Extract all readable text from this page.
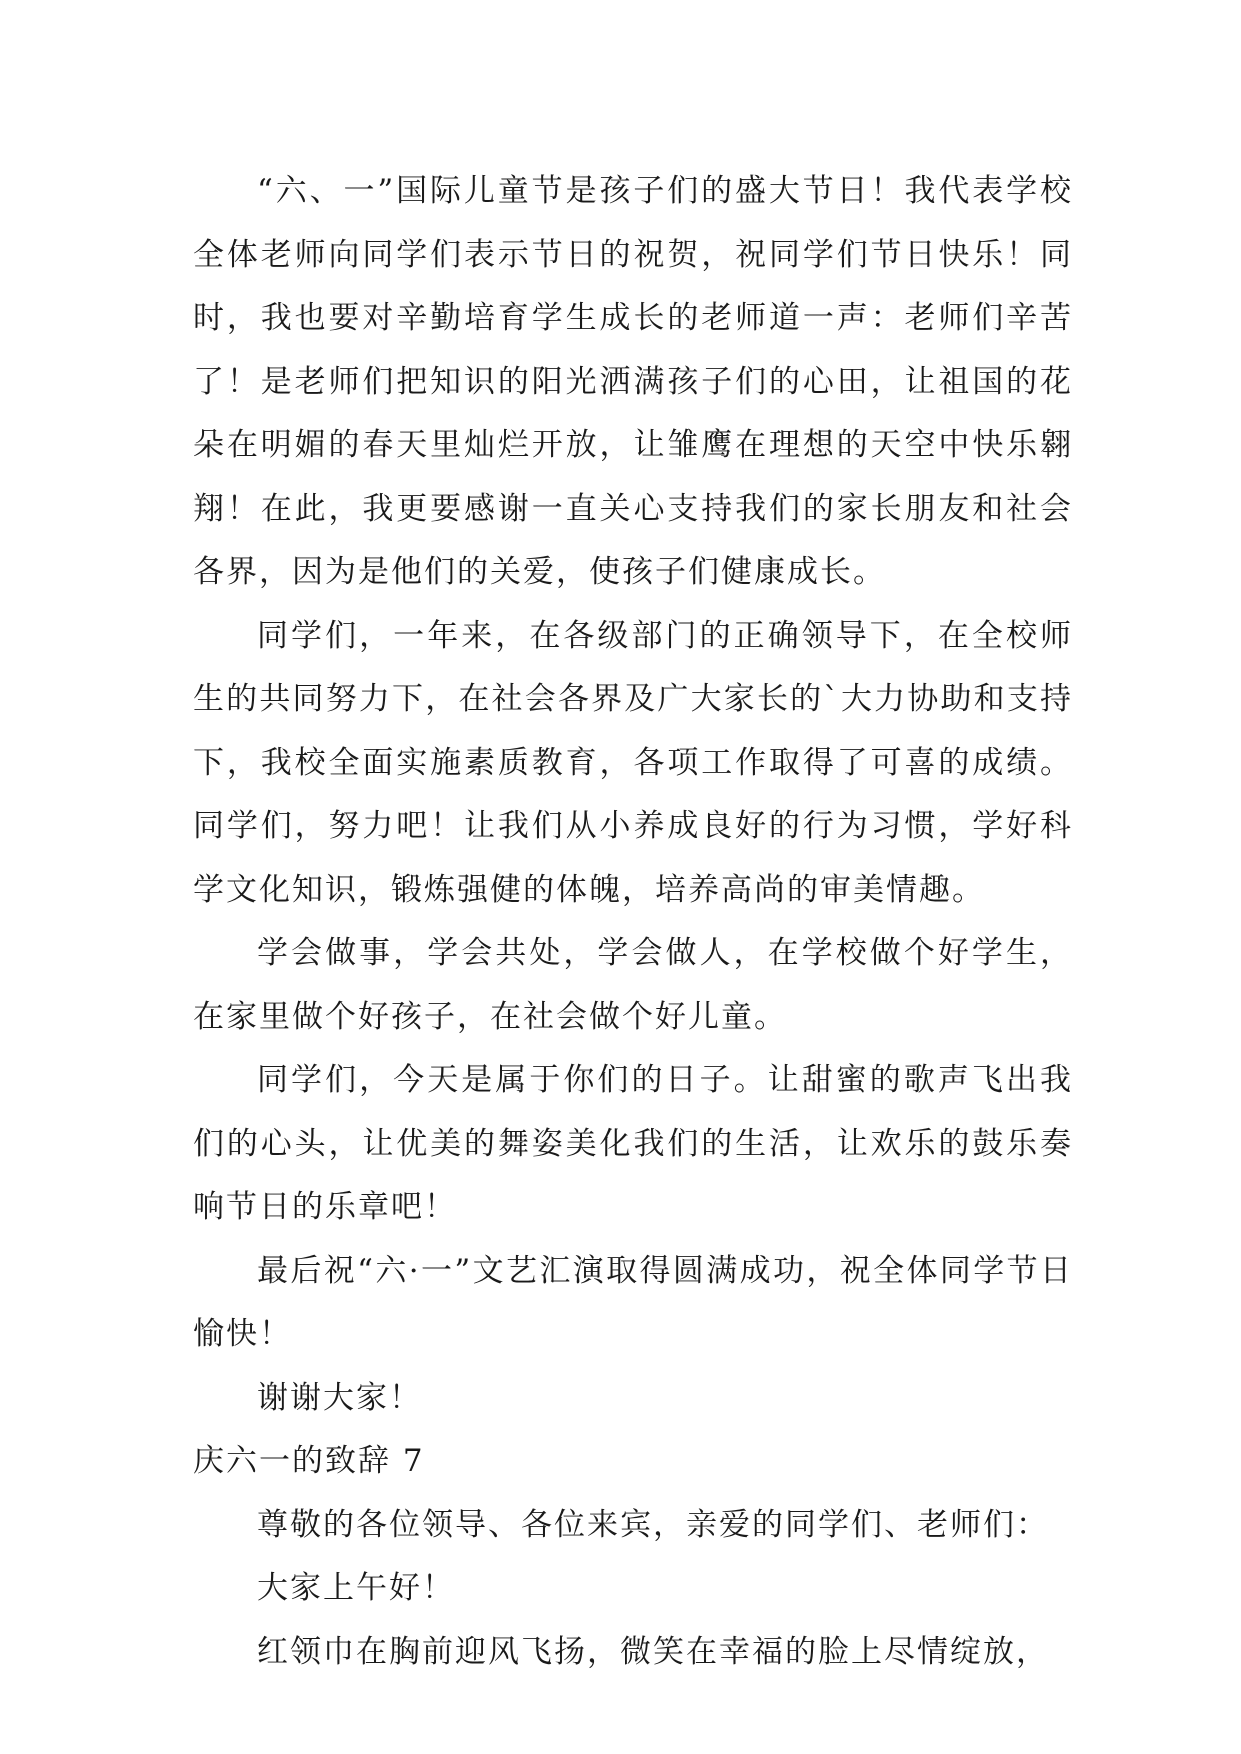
“六、一”国际儿童节是孩子们的盛大节日！我代表学校全体老师向同学们表示节日的祝贺，祝同学们节日快乐！同时，我也要对辛勤培育学生成长的老师道一声：老师们辛苦了！是老师们把知识的阳光洒满孩子们的心田，让祖国的花朵在明媚的春天里灿烂开放，让雏鹰在理想的天空中快乐翱翔！在此，我更要感谢一直关心支持我们的家长朋友和社会各界，因为是他们的关爱，使孩子们健康成长。

同学们，一年来，在各级部门的正确领导下，在全校师生的共同努力下，在社会各界及广大家长的`大力协助和支持下，我校全面实施素质教育，各项工作取得了可喜的成绩。同学们，努力吧！让我们从小养成良好的行为习惯，学好科学文化知识，锻炼强健的体魄，培养高尚的审美情趣。

学会做事，学会共处，学会做人，在学校做个好学生，在家里做个好孩子，在社会做个好儿童。

同学们，今天是属于你们的日子。让甜蜜的歌声飞出我们的心头，让优美的舞姿美化我们的生活，让欢乐的鼓乐奏响节日的乐章吧！

最后祝“六·一”文艺汇演取得圆满成功，祝全体同学节日愉快！

谢谢大家！

庆六一的致辞 7

尊敬的各位领导、各位来宾，亲爱的同学们、老师们：

大家上午好！

红领巾在胸前迎风飞扬，微笑在幸福的脸上尽情绽放，
